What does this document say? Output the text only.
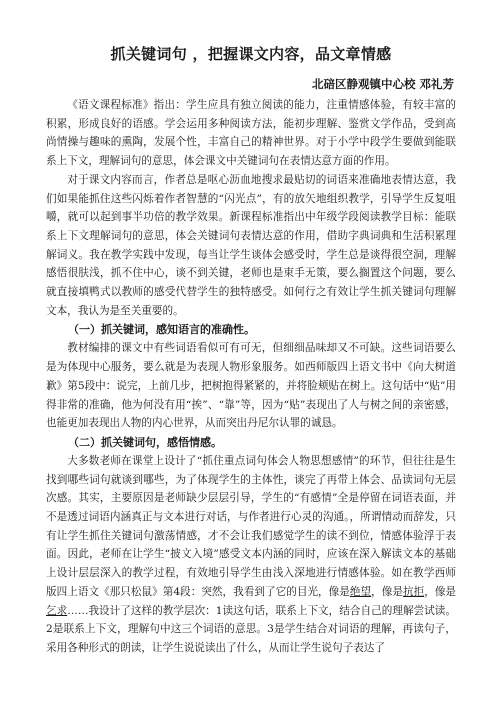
抓关键词句 ，把握课文内容，品文章情感

北碚区静观镇中心校 邓礼芳

《语文课程标准》指出：学生应具有独立阅读的能力，注重情感体验，有较丰富的积累，形成良好的语感。学会运用多种阅读方法，能初步理解、鉴赏文学作品，受到高尚情操与趣味的熏陶，发展个性，丰富自己的精神世界。对于小学中段学生要做到能联系上下文，理解词句的意思，体会课文中关键词句在表情达意方面的作用。

对于课文内容而言，作者总是呕心沥血地搜求最贴切的词语来准确地表情达意，我们如果能抓住这些闪烁着作者智慧的“闪光点”，有的放矢地组织教学，引导学生反复咀嚼，就可以起到事半功倍的教学效果。新课程标准指出中年级学段阅读教学目标：能联系上下文理解词句的意思，体会关键词句表情达意的作用，借助字典词典和生活积累理解词义。我在教学实践中发现，每当让学生谈体会感受时，学生总是谈得很空洞，理解感悟很肤浅，抓不住中心，谈不到关键，老师也是束手无策，要么搁置这个问题，要么就直接填鸭式以教师的感受代替学生的独特感受。如何行之有效让学生抓关键词句理解文本，我认为是至关重要的。

（一）抓关键词，感知语言的准确性。

教材编排的课文中有些词语看似可有可无，但细细品味却又不可缺。这些词语要么是为体现中心服务，要么就是为表现人物形象服务。如西师版四上语文书中《向大树道歉》第5段中：说完，上前几步，把树抱得紧紧的，并将脸颊贴在树上。这句话中“贴”用得非常的准确，他为何没有用“挨”、“靠”等，因为“贴”表现出了人与树之间的亲密感，也能更加表现出人物的内心世界，从而突出丹尼尔认罪的诚恳。

（二）抓关键词句，感悟情感。

大多数老师在课堂上设计了“抓住重点词句体会人物思想感情”的环节，但往往是生找到哪些词句就谈到哪些，为了体现学生的主体性，谈完了再带上体会、品读词句无层次感。其实，主要原因是老师缺少层层引导，学生的“有感情”全是停留在词语表面，并不是透过词语内涵真正与文本进行对话，与作者进行心灵的沟通。，所谓情动而辞发，只有让学生抓住关键词句激荡情感，才不会让我们感觉学生的读不到位，情感体验浮于表面。因此，老师在让学生“披文入境”感受文本内涵的同时，应该在深入解读文本的基础上设计层层深入的教学过程，有效地引导学生由浅入深地进行情感体验。如在教学西师版四上语文《那只松鼠》第4段：突然，我看到了它的目光，像是绝望，像是抗拒，像是乞求……我设计了这样的教学层次：1读这句话，联系上下文，结合自己的理解尝试读。2是联系上下文，理解句中这三个词语的意思。3是学生结合对词语的理解，再读句子，采用各种形式的朗读，让学生说说读出了什么，从而让学生说句子表达了
